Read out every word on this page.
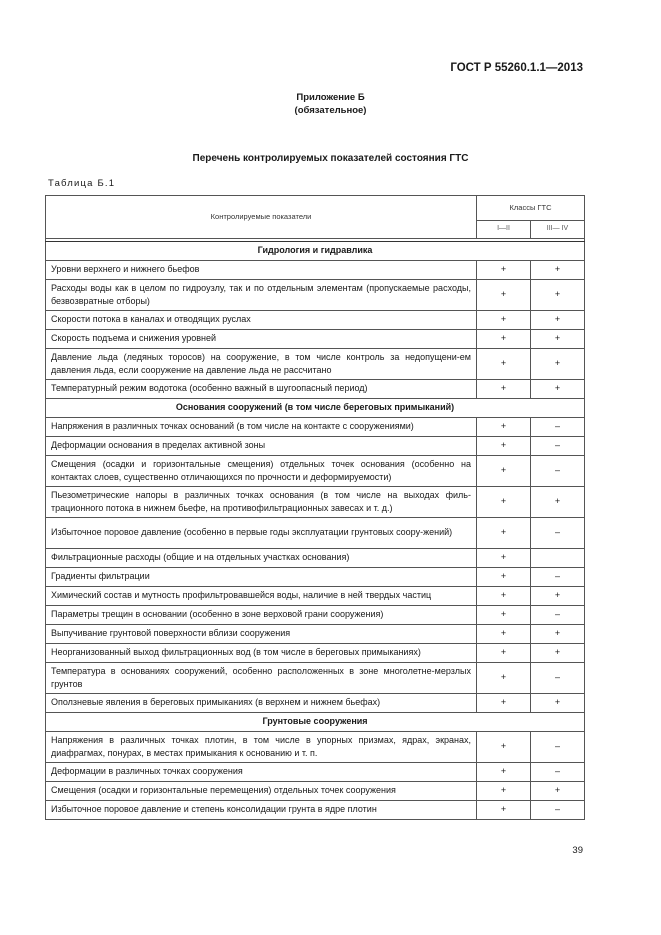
ГОСТ Р 55260.1.1—2013
Приложение Б
(обязательное)
Перечень контролируемых показателей состояния ГТС
Таблица Б.1
Контролируемые показатели	Классы ГТС	
	I—II	III— IV

Гидрология и гидравлика		
Уровни верхнего и нижнего бьефов	+	+
Расходы воды как в целом по гидроузлу, так и по отдельным элементам (пропускаемые расходы, безвозвратные отборы)	+	+
Скорости потока в каналах и отводящих руслах	+	+
Скорость подъема и снижения уровней	+	+
Давление льда (ледяных торосов) на сооружение, в том числе контроль за недопущени-ем давления льда, если сооружение на давление льда не рассчитано	+	+
Температурный режим водотока (особенно важный в шугоопасный период)	+	+
Основания сооружений (в том числе береговых примыканий)		
Напряжения в различных точках оснований (в том числе на контакте с сооружениями)	+	–
Деформации основания в пределах активной зоны	+	–
Смещения (осадки и горизонтальные смещения) отдельных точек основания (особенно на контактах слоев, существенно отличающихся по прочности и деформируемости)	+	–
Пьезометрические напоры в различных точках основания (в том числе на выходах филь-трационного потока в нижнем бьефе, на противофильтрационных завесах и т. д.)	+	+
Избыточное поровое давление (особенно в первые годы эксплуатации грунтовых соору-жений)	+	–
Фильтрационные расходы (общие и на отдельных участках основания)	+	
Градиенты фильтрации	+	–
Химический состав и мутность профильтровавшейся воды, наличие в ней твердых частиц	+	+
Параметры трещин в основании (особенно в зоне верховой грани сооружения)	+	–
Выпучивание грунтовой поверхности вблизи сооружения	+	+
Неорганизованный выход фильтрационных вод (в том числе в береговых примыканиях)	+	+
Температура в основаниях сооружений, особенно расположенных в зоне многолетне-мерзлых грунтов	+	–
Оползневые явления в береговых примыканиях (в верхнем и нижнем бьефах)	+	+
Грунтовые сооружения		
Напряжения в различных точках плотин, в том числе в упорных призмах, ядрах, экранах, диафрагмах, понурах, в местах примыкания к основанию и т. п.	+	–
Деформации в различных точках сооружения	+	–
Смещения (осадки и горизонтальные перемещения) отдельных точек сооружения	+	+
Избыточное поровое давление и степень консолидации грунта в ядре плотин	+	–
39
